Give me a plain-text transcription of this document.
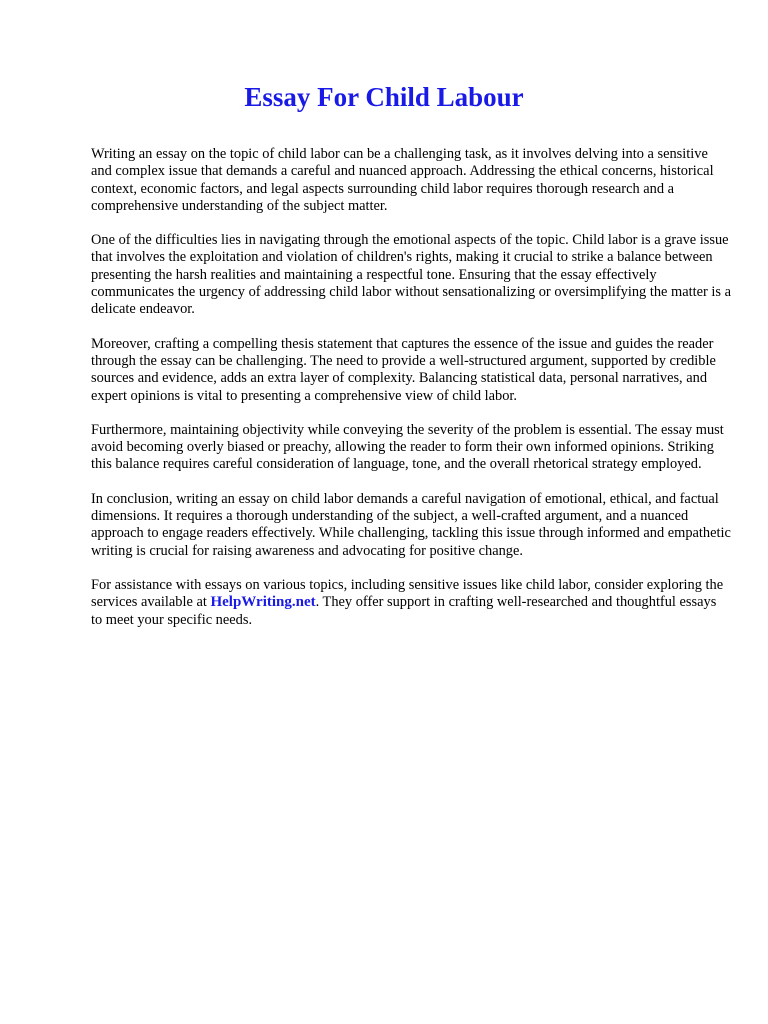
Essay For Child Labour

Writing an essay on the topic of child labor can be a challenging task, as it involves delving into a sensitive and complex issue that demands a careful and nuanced approach. Addressing the ethical concerns, historical context, economic factors, and legal aspects surrounding child labor requires thorough research and a comprehensive understanding of the subject matter.

One of the difficulties lies in navigating through the emotional aspects of the topic. Child labor is a grave issue that involves the exploitation and violation of children's rights, making it crucial to strike a balance between presenting the harsh realities and maintaining a respectful tone. Ensuring that the essay effectively communicates the urgency of addressing child labor without sensationalizing or oversimplifying the matter is a delicate endeavor.

Moreover, crafting a compelling thesis statement that captures the essence of the issue and guides the reader through the essay can be challenging. The need to provide a well-structured argument, supported by credible sources and evidence, adds an extra layer of complexity. Balancing statistical data, personal narratives, and expert opinions is vital to presenting a comprehensive view of child labor.

Furthermore, maintaining objectivity while conveying the severity of the problem is essential. The essay must avoid becoming overly biased or preachy, allowing the reader to form their own informed opinions. Striking this balance requires careful consideration of language, tone, and the overall rhetorical strategy employed.

In conclusion, writing an essay on child labor demands a careful navigation of emotional, ethical, and factual dimensions. It requires a thorough understanding of the subject, a well-crafted argument, and a nuanced approach to engage readers effectively. While challenging, tackling this issue through informed and empathetic writing is crucial for raising awareness and advocating for positive change.

For assistance with essays on various topics, including sensitive issues like child labor, consider exploring the services available at HelpWriting.net. They offer support in crafting well-researched and thoughtful essays to meet your specific needs.
